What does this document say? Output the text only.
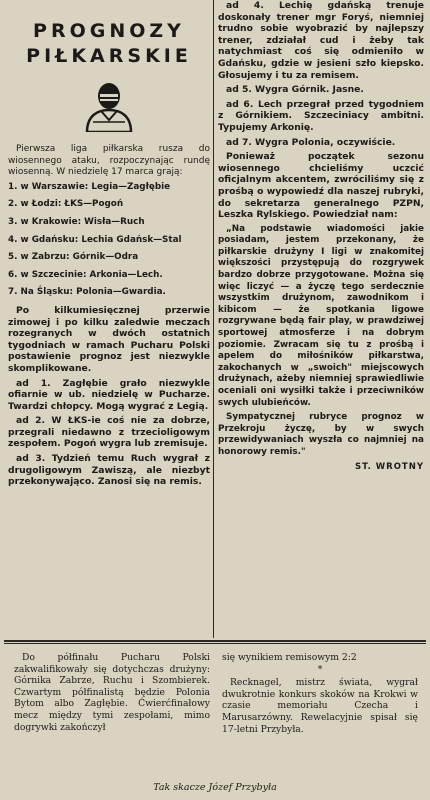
PROGNOZY
PIŁKARSKIE

Pierwsza liga piłkarska rusza do wiosennego ataku, rozpoczynając rundę wiosenną. W niedzielę 17 marca grają:

1. w Warszawie: Legia—Zagłębie
2. w Łodzi: ŁKS—Pogoń
3. w Krakowie: Wisła—Ruch
4. w Gdańsku: Lechia Gdańsk—Stal
5. w Zabrzu: Górnik—Odra
6. w Szczecinie: Arkonia—Lech.
7. Na Śląsku: Polonia—Gwardia.

Po kilkumiesięcznej przerwie zimowej i po kilku zaledwie meczach rozegranych w dwóch ostatnich tygodniach w ramach Pucharu Polski postawienie prognoz jest niezwykle skomplikowane.

ad 1. Zagłębie grało niezwykle ofiarnie w ub. niedzielę w Pucharze. Twardzi chłopcy. Mogą wygrać z Legią.

ad 2. W ŁKS-ie coś nie za dobrze, przegrali niedawno z trzecioligowym zespołem. Pogoń wygra lub zremisuje.

ad 3. Tydzień temu Ruch wygrał z drugoligowym Zawiszą, ale niezbyt przekonywająco. Zanosi się na remis.

ad 4. Lechię gdańską trenuje doskonały trener mgr Foryś, niemniej trudno sobie wyobrazić by najlepszy trener, zdziałał cud i żeby tak natychmiast coś się odmieniło w Gdańsku, gdzie w jesieni szło kiepsko. Głosujemy i tu za remisem.

ad 5. Wygra Górnik. Jasne.

ad 6. Lech przegrał przed tygodniem z Górnikiem. Szczeciniacy ambitni. Typujemy Arkonię.

ad 7. Wygra Polonia, oczywiście.

Ponieważ początek sezonu wiosennego chcieliśmy uczcić oficjalnym akcentem, zwróciliśmy się z prośbą o wypowiedź dla naszej rubryki, do sekretarza generalnego PZPN, Leszka Rylskiego. Powiedział nam:

„Na podstawie wiadomości jakie posiadam, jestem przekonany, że piłkarskie drużyny I ligi w znakomitej większości przystępują do rozgrywek bardzo dobrze przygotowane. Można się więc liczyć — a życzę tego serdecznie wszystkim drużynom, zawodnikom i kibicom — że spotkania ligowe rozgrywane będą fair play, w prawdziwej sportowej atmosferze i na dobrym poziomie. Zwracam się tu z prośbą i apelem do miłośników piłkarstwa, zakochanych w „swoich" miejscowych drużynach, ażeby niemniej sprawiedliwie oceniali oni wysiłki także i przeciwników swych ulubieńców.

Sympatycznej rubryce prognoz w Przekroju życzę, by w swych przewidywaniach wyszła co najmniej na honorowy remis."

ST. WROTNY

Do półfinału Pucharu Polski zakwalifikowały się dotychczas drużyny: Górnika Zabrze, Ruchu i Szombierek. Czwartym półfinalistą będzie Polonia Bytom albo Zagłębie. Ćwierćfinałowy mecz między tymi zespołami, mimo dogrywki zakończył

się wynikiem remisowym 2:2

*

Recknagel, mistrz świata, wygrał dwukrotnie konkurs skoków na Krokwi w czasie memoriału Czecha i Marusarzówny. Rewelacyjnie spisał się 17-letni Przybyła.

Tak skacze Józef Przybyła
